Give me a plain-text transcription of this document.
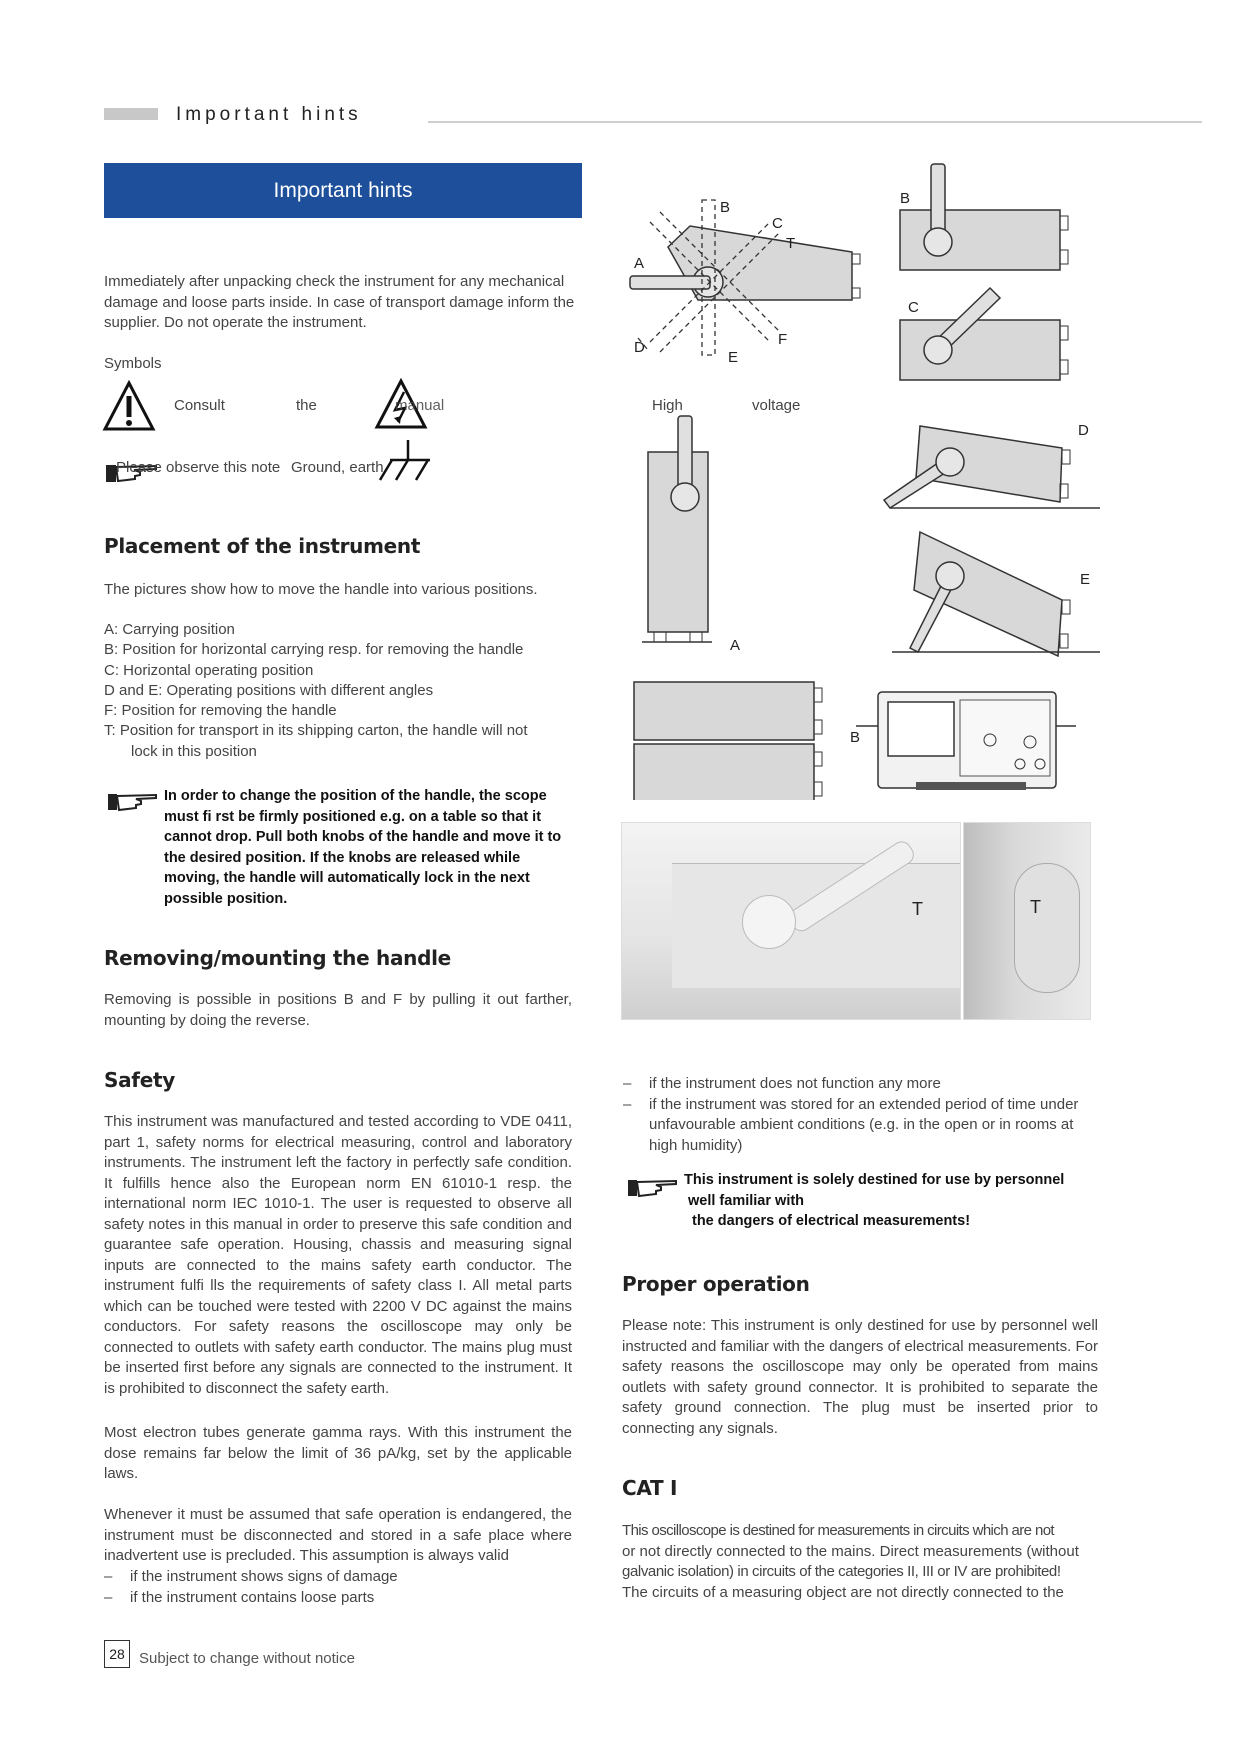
Important hints
Important hints

Immediately after unpacking check the instrument for any mechanical damage and loose parts inside. In case of transport damage inform the supplier. Do not operate the instrument.

Symbols
Consult	the	manual	High	voltage
Please observe this note Ground, earth
Placement of the instrument

The pictures show how to move the handle into various positions.

A: Carrying position
B: Position for horizontal carrying resp. for removing the handle
C: Horizontal operating position
D and E: Operating positions with different angles
F: Position for removing the handle
T: Position for transport in its shipping carton, the handle will not
lock in this position
In order to change the position of the handle, the scope must fi rst be firmly positioned e.g. on a table so that it cannot drop. Pull both knobs of the handle and move it to the desired position. If the knobs are released while moving, the handle will automatically lock in the next possible position.
Removing/mounting the handle

Removing is possible in positions B and F by pulling it out farther, mounting by doing the reverse.

Safety

This instrument was manufactured and tested according to VDE 0411, part 1, safety norms for electrical measuring, control and laboratory instruments. The instrument left the factory in perfectly safe condition. It fulfills hence also the European norm EN 61010-1 resp. the international norm IEC 1010-1. The user is requested to observe all safety notes in this manual in order to preserve this safe condition and guarantee safe operation. Housing, chassis and measuring signal inputs are connected to the mains safety earth conductor. The instrument fulfi lls the requirements of safety class I. All metal parts which can be touched were tested with 2200 V DC against the mains conductors. For safety reasons the oscilloscope may only be connected to outlets with safety earth conductor. The mains plug must be inserted first before any signals are connected to the instrument. It is prohibited to disconnect the safety earth.

Most electron tubes generate gamma rays. With this instrument the dose remains far below the limit of 36 pA/kg, set by the applicable laws.

Whenever it must be assumed that safe operation is endangered, the instrument must be disconnected and stored in a safe place where inadvertent use is precluded. This assumption is always valid

– if the instrument shows signs of damage
– if the instrument contains loose parts
– if the instrument does not function any more
– if the instrument was stored for an extended period of time under unfavourable ambient conditions (e.g. in the open or in rooms at high humidity)
This instrument is solely destined for use by personnel
well familiar with
the dangers of electrical measurements!
Proper operation

Please note: This instrument is only destined for use by personnel well instructed and familiar with the dangers of electrical measurements. For safety reasons the oscilloscope may only be operated from mains outlets with safety ground connector. It is prohibited to separate the safety ground connection. The plug must be inserted prior to connecting any signals.

CAT I
This oscilloscope is destined for measurements in circuits which are not
or not directly connected to the mains. Direct measurements (without
galvanic isolation) in circuits of the categories II, III or IV are prohibited!
The circuits of a measuring object are not directly connected to the
B
C
T
A
D
E
F
B
C
A
D
E
B
T	T
28 Subject to change without notice
